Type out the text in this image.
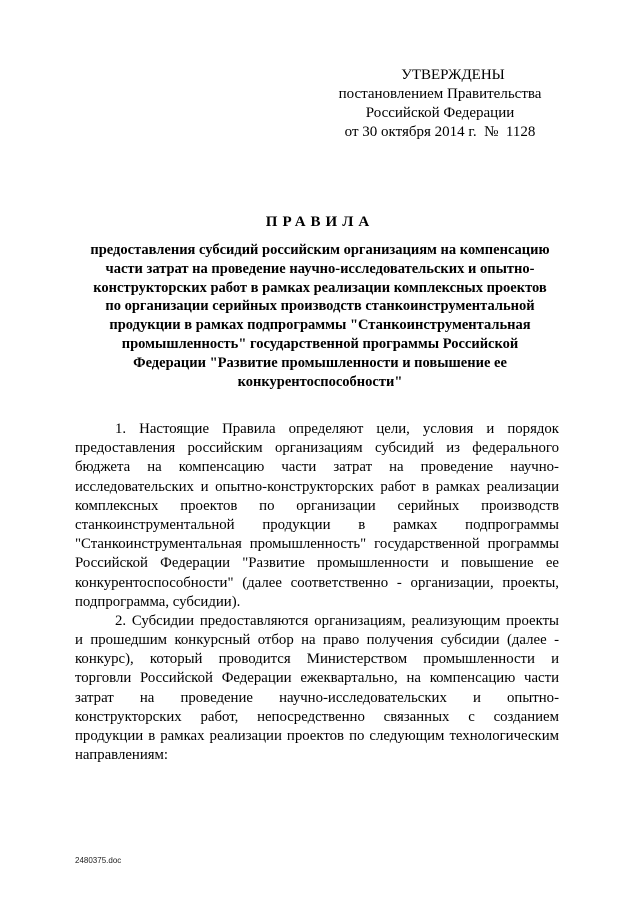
УТВЕРЖДЕНЫ
постановлением Правительства
Российской Федерации
от 30 октября 2014 г.  №  1128
ПРАВИЛА
предоставления субсидий российским организациям на компенсацию
части затрат на проведение научно-исследовательских и опытно-
конструкторских работ в рамках реализации комплексных проектов
по организации серийных производств станкоинструментальной
продукции в рамках подпрограммы "Станкоинструментальная
промышленность" государственной программы Российской
Федерации "Развитие промышленности и повышение ее
конкурентоспособности"
1. Настоящие Правила определяют цели, условия и порядок
предоставления российским организациям субсидий из федерального
бюджета на компенсацию части затрат на проведение научно-
исследовательских и опытно-конструкторских работ в рамках реализации
комплексных проектов по организации серийных производств
станкоинструментальной продукции в рамках подпрограммы
"Станкоинструментальная промышленность" государственной программы
Российской Федерации "Развитие промышленности и повышение ее
конкурентоспособности" (далее соответственно - организации, проекты,
подпрограмма, субсидии).
2. Субсидии предоставляются организациям, реализующим проекты
и прошедшим конкурсный отбор на право получения субсидии (далее -
конкурс), который проводится Министерством промышленности и
торговли Российской Федерации ежеквартально, на компенсацию части
затрат на проведение научно-исследовательских и опытно-
конструкторских работ, непосредственно связанных с созданием
продукции в рамках реализации проектов по следующим технологическим
направлениям:
2480375.doc
